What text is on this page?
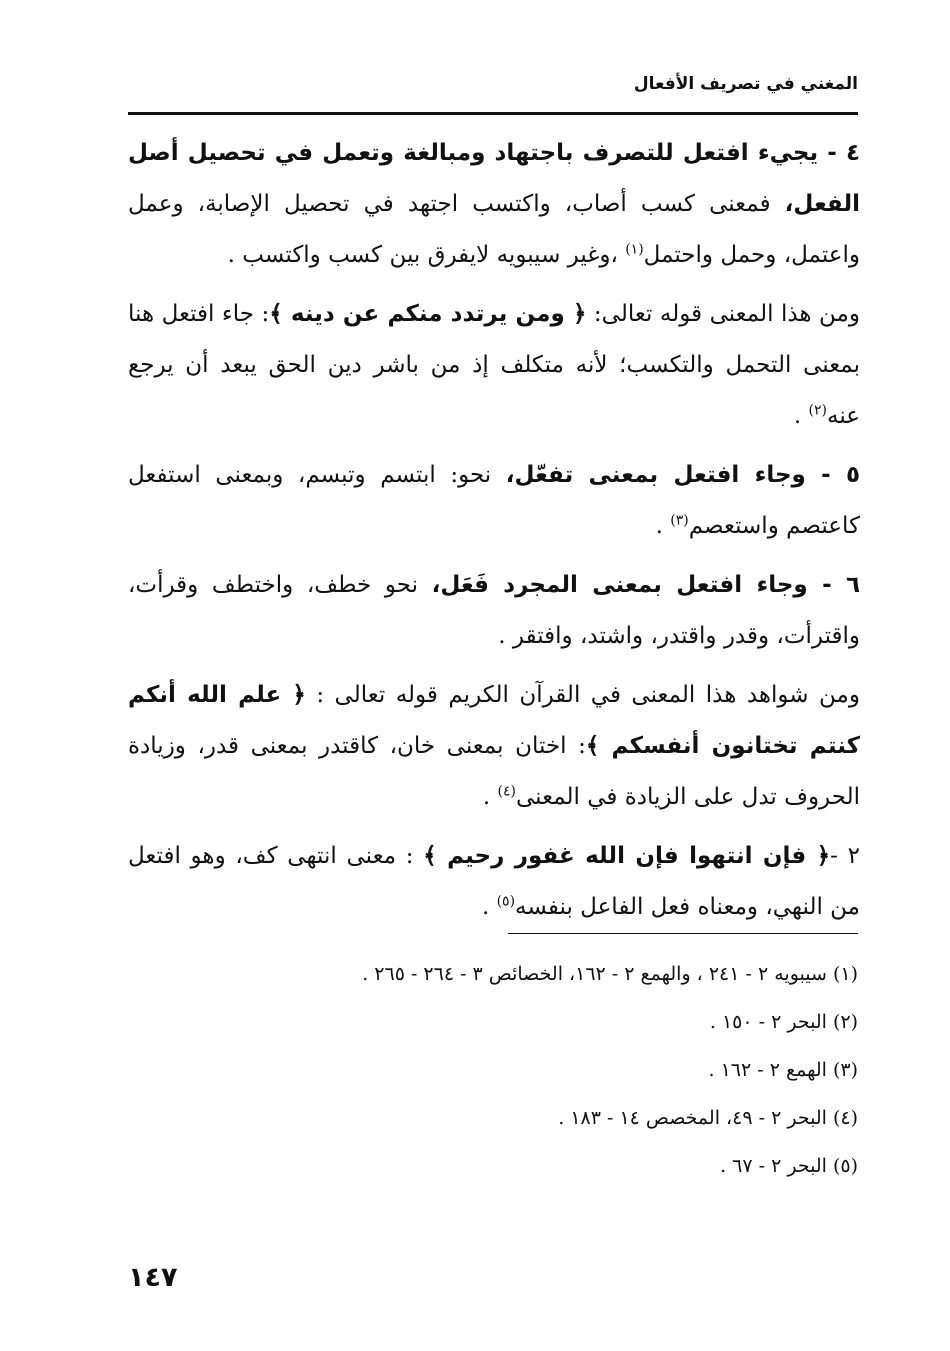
المغني في تصريف الأفعال

٤ - يجيء افتعل للتصرف باجتهاد ومبالغة وتعمل في تحصيل أصل الفعل، فمعنى كسب أصاب، واكتسب اجتهد في تحصيل الإصابة، وعمل واعتمل، وحمل واحتمل$^{(١)}$ ،وغير سيبويه لايفرق بين كسب واكتسب .

ومن هذا المعنى قوله تعالى: ﴿ ومن يرتدد منكم عن دينه ﴾: جاء افتعل هنا بمعنى التحمل والتكسب؛ لأنه متكلف إذ من باشر دين الحق يبعد أن يرجع عنه$^{(٢)}$ .

٥ - وجاء افتعل بمعنى تفعّل، نحو: ابتسم وتبسم، وبمعنى استفعل كاعتصم واستعصم$^{(٣)}$ .

٦ - وجاء افتعل بمعنى المجرد فَعَل، نحو خطف، واختطف وقرأت، واقترأت، وقدر واقتدر، واشتد، وافتقر .

ومن شواهد هذا المعنى في القرآن الكريم قوله تعالى : ﴿ علم الله أنكم كنتم تختانون أنفسكم ﴾: اختان بمعنى خان، كاقتدر بمعنى قدر، وزيادة الحروف تدل على الزيادة في المعنى$^{(٤)}$ .

٢ -﴿ فإن انتهوا فإن الله غفور رحيم ﴾ : معنى انتهى كف، وهو افتعل من النهي، ومعناه فعل الفاعل بنفسه$^{(٥)}$ .

(١) سيبويه ٢ - ٢٤١ ، والهمع ٢ - ١٦٢، الخصائص ٣ - ٢٦٤ - ٢٦٥ .
(٢) البحر ٢ - ١٥٠ .
(٣) الهمع ٢ - ١٦٢ .
(٤) البحر ٢ - ٤٩، المخصص ١٤ - ١٨٣ .
(٥) البحر ٢ - ٦٧ .
١٤٧
